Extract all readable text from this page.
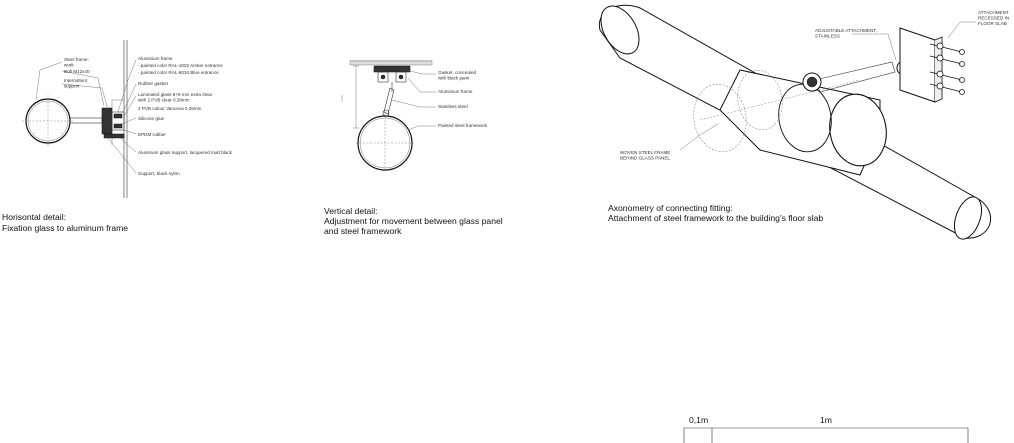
Steel frame-work
Bolt M12x40
Intermittent support
Aluminium frame
- painted color RAL-1002 Amber entrance
- painted color RAL-6034 Blue entrance
Rubber gasket
Laminated glass 8+8 mm extra clear with 2 PVB clear 0,38mm
2 PVB colour Vanceva 0,38mm
Silicone glue
EPDM rubber
Aluminum glass support, lacquered matt black
Support, black nylon
Horisontal detail:
Fixation glass to aluminum frame
Gasket, concealed with black paint
Aluminium frame
Stainless steel
Painted steel framework
Vertical detail:
Adjustment for movement between glass panel
and steel framework
ATTACHMENT RECESSED IN FLOOR SLAB
ADJUSTABLE ATTACHMENT, STAINLESS
WOVEN STEEL FRAME BEHIND GLASS PANEL
Axonometry of connecting fitting:
Attachment of steel framework to the building's floor slab
0,1m	1m
